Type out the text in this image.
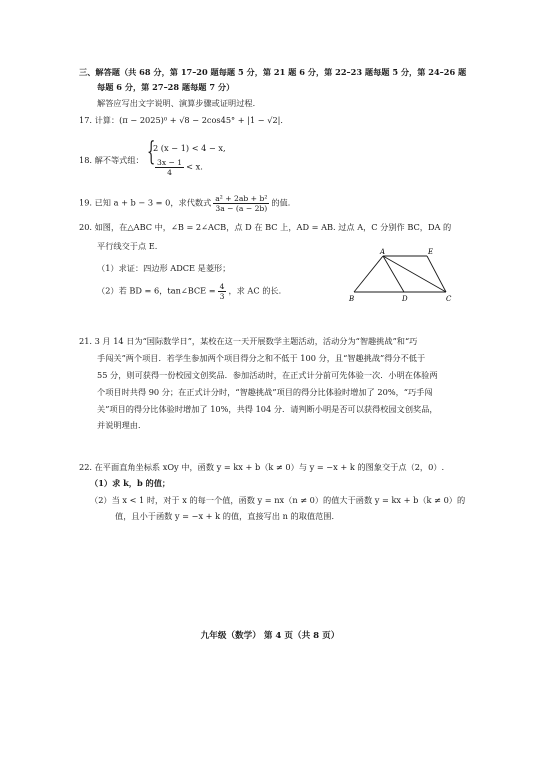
三、解答题（共 68 分，第 17–20 题每题 5 分，第 21 题 6 分，第 22–23 题每题 5 分，第 24–26 题
每题 6 分，第 27–28 题每题 7 分）
解答应写出文字说明、演算步骤或证明过程．
17. 计算：(π − 2025)⁰ + √8 − 2cos45° + |1 − √2|．
18. 解不等式组： {
2 (x − 1) < 4 − x,
$\frac{3x - 1}{4} < x$.
19. 已知 a + b − 3 = 0，求代数式 $\frac{\text{a² + 2ab + b²}}{3a - (a - 2b)}$ 的值．
20. 如图，在△ABC 中，∠B = 2∠ACB，点 D 在 BC 上，AD = AB. 过点 A，C 分别作 BC，DA 的
平行线交于点 E.
（1）求证：四边形 ADCE 是菱形；
（2）若 BD = 6，tan∠BCE = $\frac{4}{3}$ ，求 AC 的长．
A	E
B	D	C
21. 3 月 14 日为“国际数学日”，某校在这一天开展数学主题活动，活动分为“智趣挑战”和“巧
手闯关”两个项目．若学生参加两个项目得分之和不低于 100 分，且“智趣挑战”得分不低于
55 分，则可获得一份校园文创奖品．参加活动时，在正式计分前可先体验一次．小明在体验两
个项目时共得 90 分；在正式计分时，“智趣挑战”项目的得分比体验时增加了 20%，“巧手闯
关”项目的得分比体验时增加了 10%，共得 104 分．请判断小明是否可以获得校园文创奖品，
并说明理由．
22. 在平面直角坐标系 xOy 中，函数 y = kx + b（k ≠ 0）与 y = −x + k 的图象交于点（2，0）.
（1）求 k，b 的值；
（2）当 x < 1 时，对于 x 的每一个值，函数 y = nx（n ≠ 0）的值大于函数 y = kx + b（k ≠ 0）的
值，且小于函数 y = −x + k 的值，直接写出 n 的取值范围．
九年级（数学） 第 4 页（共 8 页）
